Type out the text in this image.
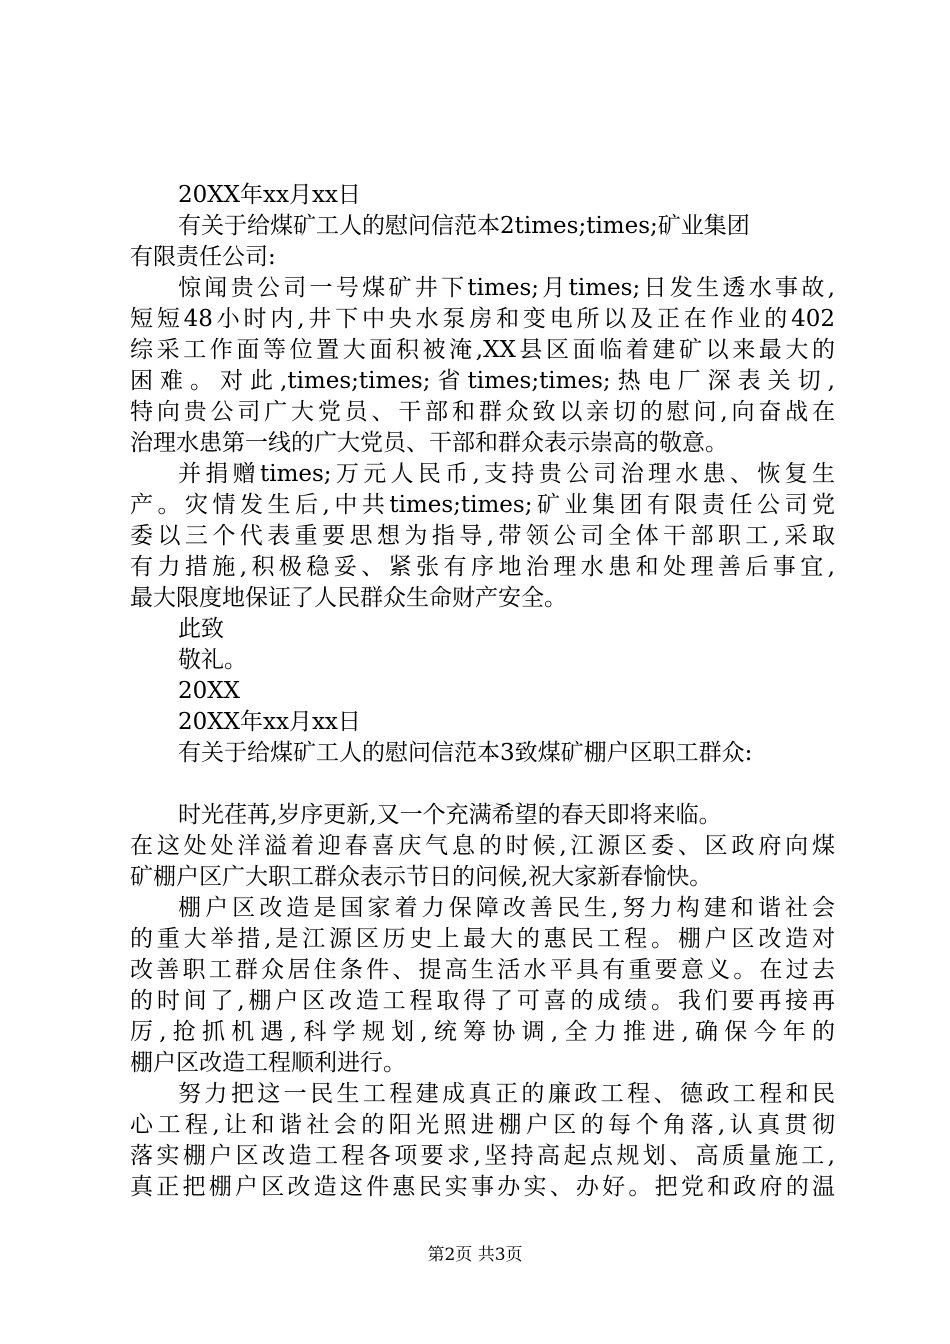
20XX年xx月xx日
有关于给煤矿工人的慰问信范本2times;times;矿业集团
有限责任公司:
惊闻贵公司一号煤矿井下times;月times;日发生透水事故,
短短48小时内,井下中央水泵房和变电所以及正在作业的402
综采工作面等位置大面积被淹,XX县区面临着建矿以来最大的
困难。对此,times;times;省times;times;热电厂深表关切,
特向贵公司广大党员、干部和群众致以亲切的慰问,向奋战在
治理水患第一线的广大党员、干部和群众表示崇高的敬意。
并捐赠times;万元人民币,支持贵公司治理水患、恢复生
产。灾情发生后,中共times;times;矿业集团有限责任公司党
委以三个代表重要思想为指导,带领公司全体干部职工,采取
有力措施,积极稳妥、紧张有序地治理水患和处理善后事宜,
最大限度地保证了人民群众生命财产安全。
此致
敬礼。
20XX
20XX年xx月xx日
有关于给煤矿工人的慰问信范本3致煤矿棚户区职工群众:
时光荏苒,岁序更新,又一个充满希望的春天即将来临。
在这处处洋溢着迎春喜庆气息的时候,江源区委、区政府向煤
矿棚户区广大职工群众表示节日的问候,祝大家新春愉快。
棚户区改造是国家着力保障改善民生,努力构建和谐社会
的重大举措,是江源区历史上最大的惠民工程。棚户区改造对
改善职工群众居住条件、提高生活水平具有重要意义。在过去
的时间了,棚户区改造工程取得了可喜的成绩。我们要再接再
厉,抢抓机遇,科学规划,统筹协调,全力推进,确保今年的
棚户区改造工程顺利进行。
努力把这一民生工程建成真正的廉政工程、德政工程和民
心工程,让和谐社会的阳光照进棚户区的每个角落,认真贯彻
落实棚户区改造工程各项要求,坚持高起点规划、高质量施工,
真正把棚户区改造这件惠民实事办实、办好。把党和政府的温
第2页 共3页
